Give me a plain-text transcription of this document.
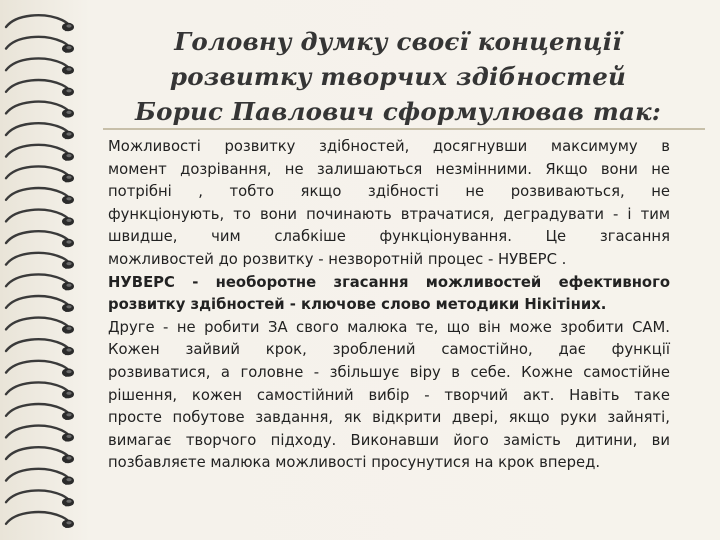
Головну думку своєї концепції
розвитку творчих здібностей
Борис Павлович сформулював так:
Можливості розвитку здібностей, досягнувши максимуму в
момент дозрівання, не залишаються незмінними. Якщо вони не
потрібні , тобто якщо здібності не розвиваються, не
функціонують, то вони починають втрачатися, деградувати - і тим
швидше, чим слабкіше функціонування. Це згасання
можливостей до розвитку - незворотній процес - НУВЕРС .
НУВЕРС - необоротне згасання можливостей ефективного
розвитку здібностей - ключове слово методики Нікітіних.
Друге - не робити ЗА свого малюка те, що він може зробити САМ.
Кожен зайвий крок, зроблений самостійно, дає функції
розвиватися, а головне - збільшує віру в себе. Кожне самостійне
рішення, кожен самостійний вибір - творчий акт. Навіть таке
просте побутове завдання, як відкрити двері, якщо руки зайняті,
вимагає творчого підходу. Виконавши його замість дитини, ви
позбавляєте малюка можливості просунутися на крок вперед.
